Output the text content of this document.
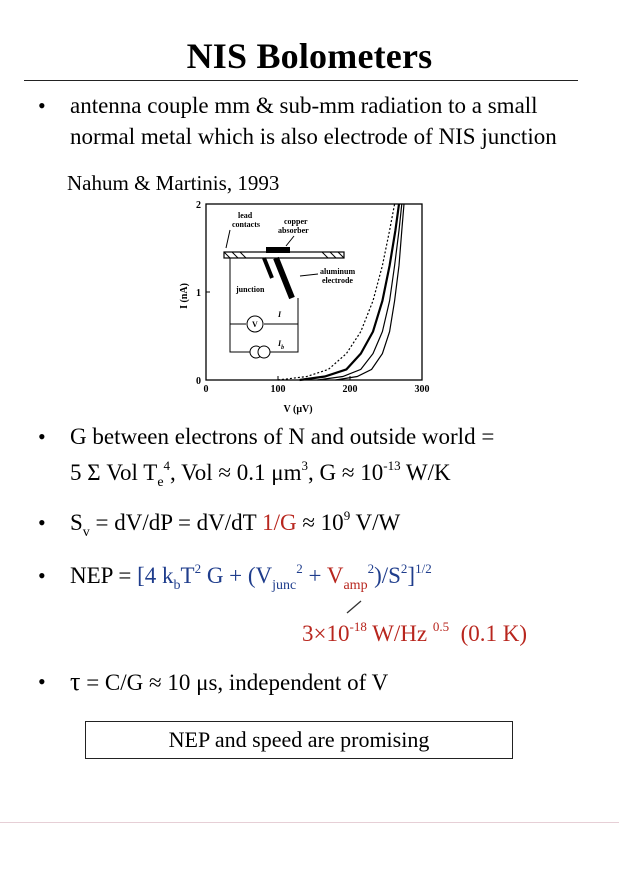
NIS Bolometers
• antenna couple mm & sub-mm radiation to a small
normal metal which is also electrode of NIS junction
Nahum & Martinis, 1993
0	100	200	300
0
1
2
I (nA)
V (μV)
lead
contacts	copper
absorber
aluminum
electrode
junction
V
I
$I_b$
• G between electrons of N and outside world =
5 Σ Vol $T_e^4$, Vol ≈ 0.1 $\mu m^3$, $G \approx 10^{-13}$ W/K
• $S_v = dV/dP = dV/dT$ $1/G \approx 10^9$ V/W
• NEP = [4 $k_bT^2$ $G + (V_{junc}^2 + V_{amp}^2)/S^2]^{1/2}$
$3\times 10^{-18}$ W/Hz $^{0.5}$ (0.1 K)
• τ = C/G ≈ 10 μs, independent of V
NEP and speed are promising
